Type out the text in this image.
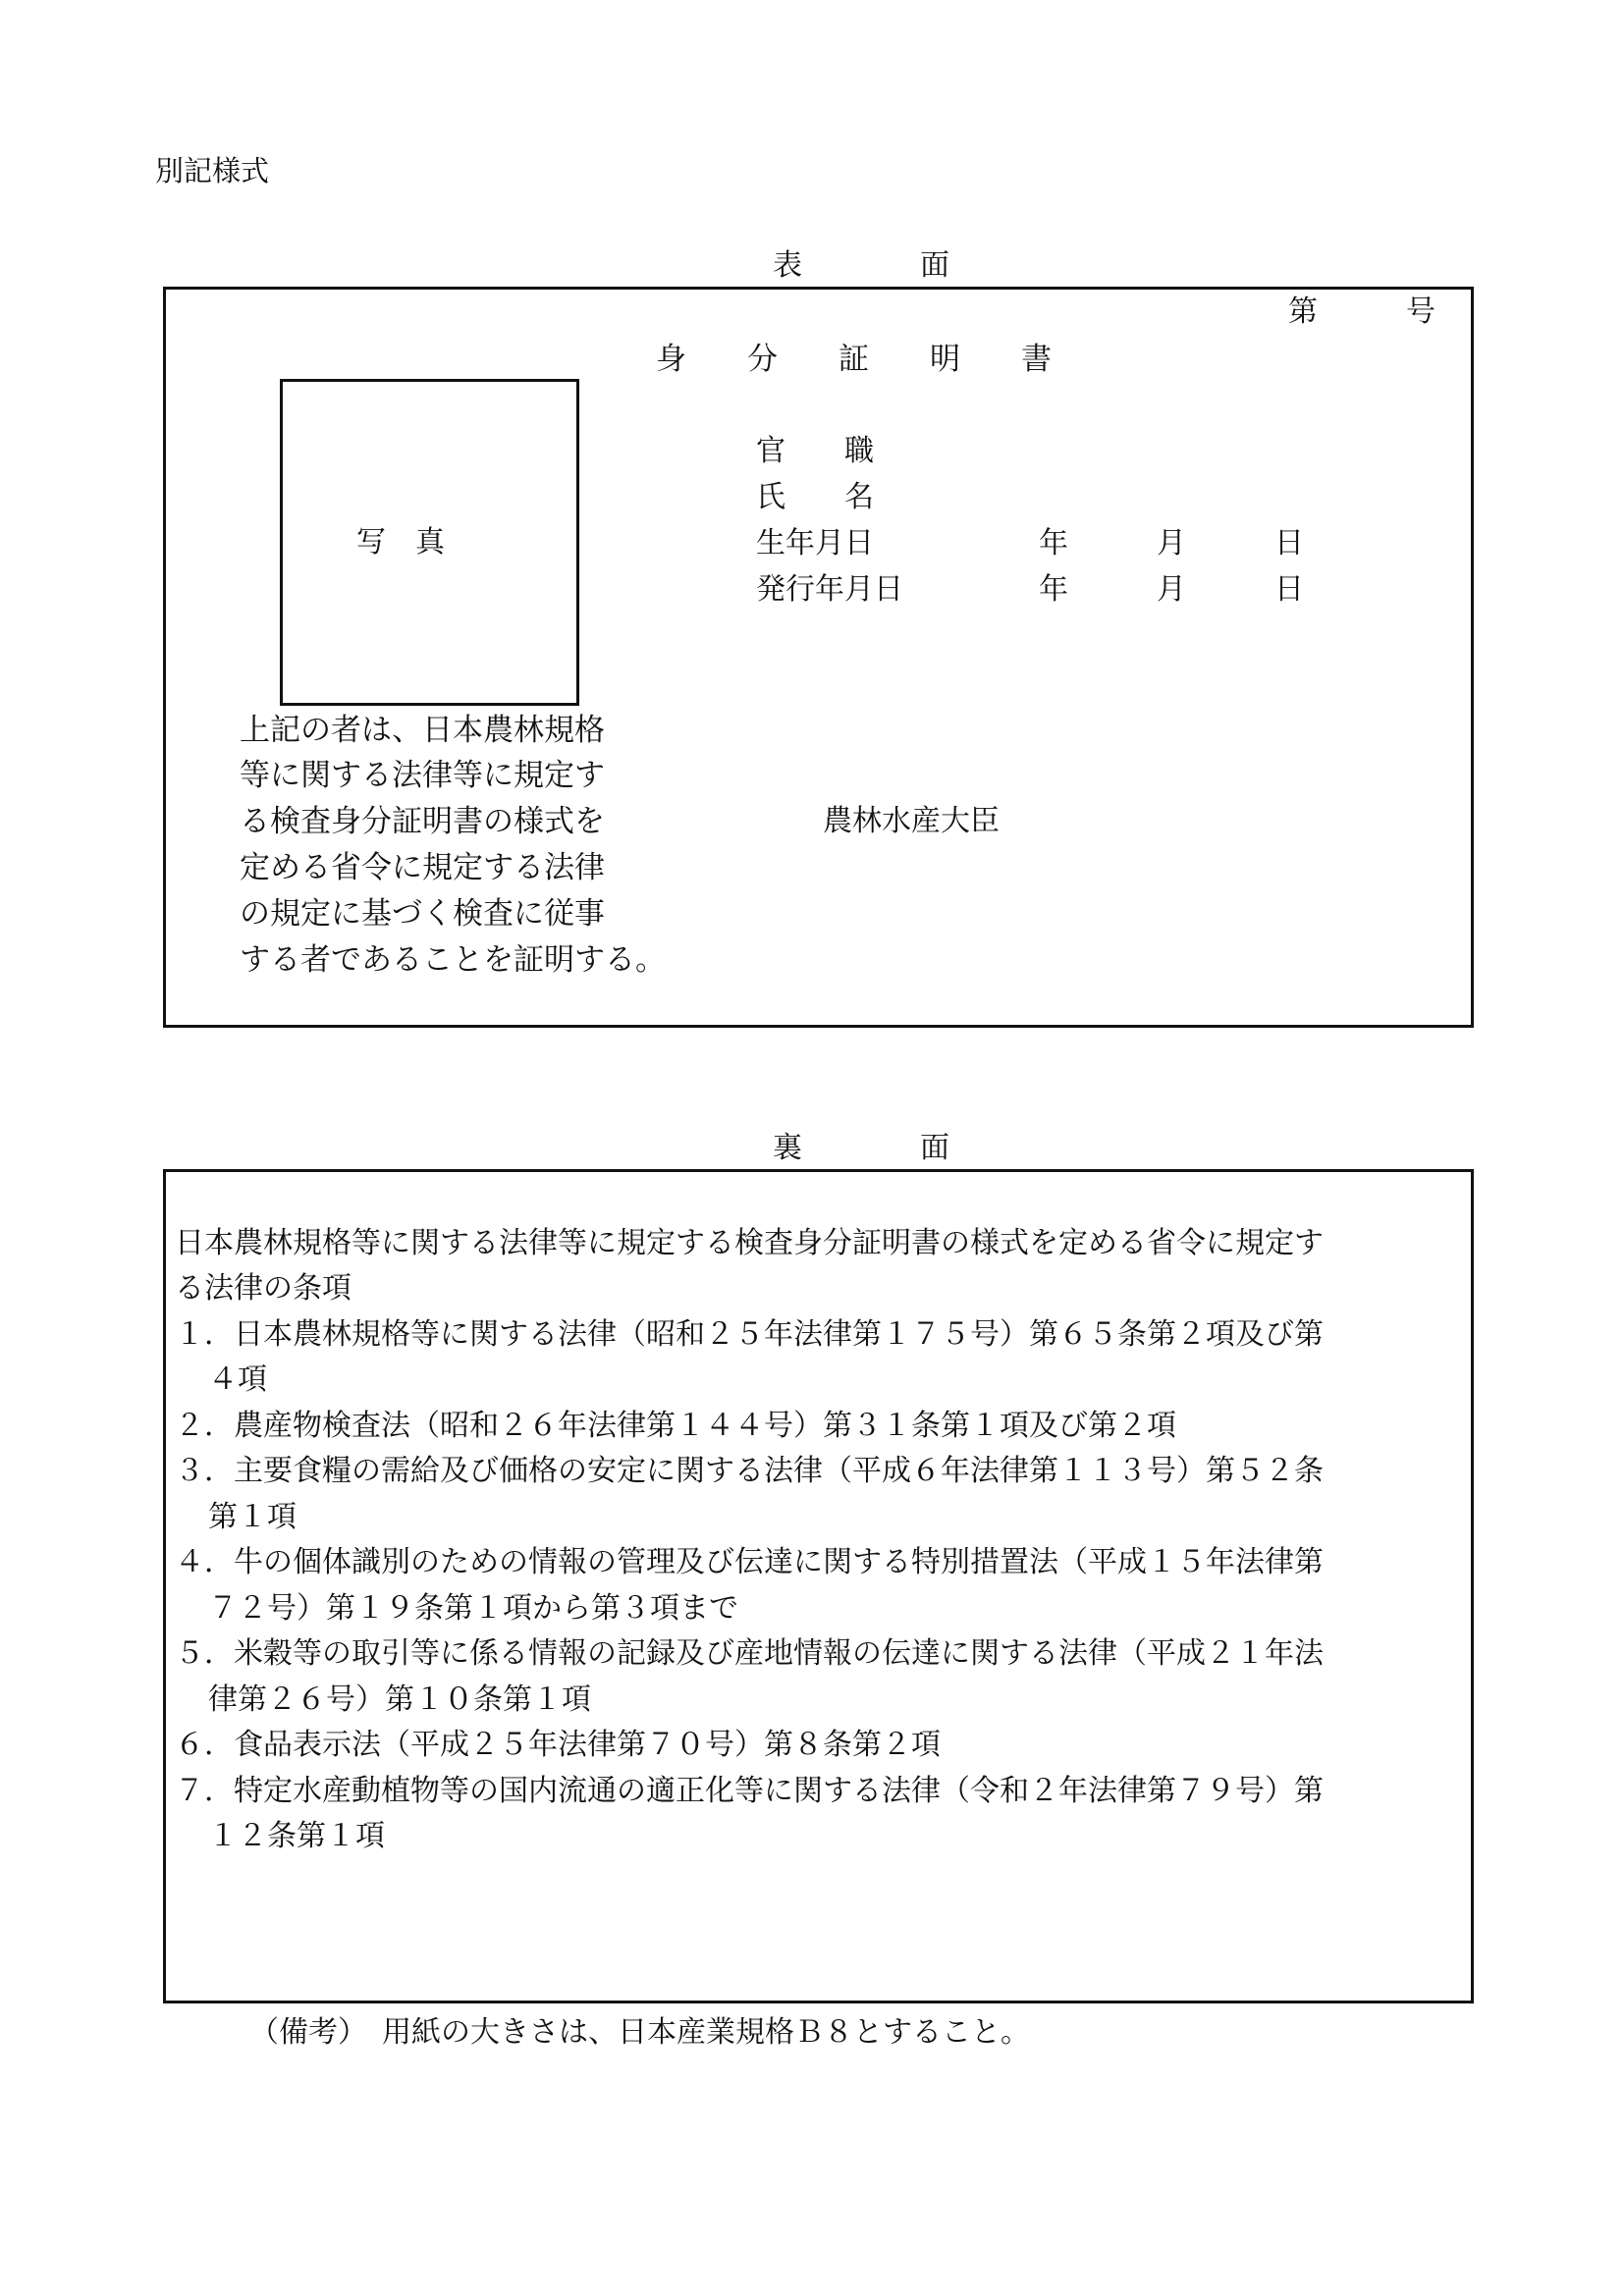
別記様式
表　　　　面
第　　　号
身　　分　　証　　明　　書
写　真
官　　職
氏　　名
生年月日	年　　　月　　　日
発行年月日	年　　　月　　　日
上記の者は、日本農林規格
等に関する法律等に規定す
る検査身分証明書の様式を
定める省令に規定する法律
の規定に基づく検査に従事
する者であることを証明する。
農林水産大臣
裏　　　　面
日本農林規格等に関する法律等に規定する検査身分証明書の様式を定める省令に規定す
る法律の条項
１．日本農林規格等に関する法律（昭和２５年法律第１７５号）第６５条第２項及び第
４項
２．農産物検査法（昭和２６年法律第１４４号）第３１条第１項及び第２項
３．主要食糧の需給及び価格の安定に関する法律（平成６年法律第１１３号）第５２条
第１項
４．牛の個体識別のための情報の管理及び伝達に関する特別措置法（平成１５年法律第
７２号）第１９条第１項から第３項まで
５．米穀等の取引等に係る情報の記録及び産地情報の伝達に関する法律（平成２１年法
律第２６号）第１０条第１項
６．食品表示法（平成２５年法律第７０号）第８条第２項
７．特定水産動植物等の国内流通の適正化等に関する法律（令和２年法律第７９号）第
１２条第１項
（備考）　用紙の大きさは、日本産業規格Ｂ８とすること。
